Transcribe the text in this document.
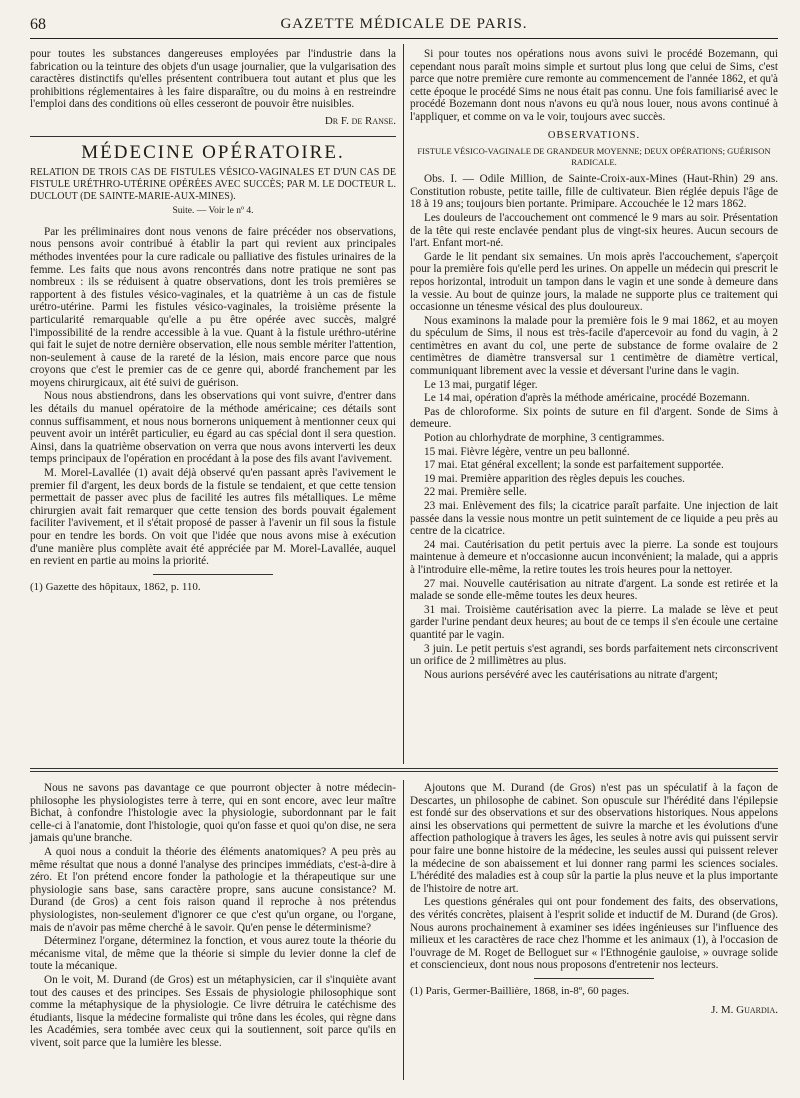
68	GAZETTE MÉDICALE DE PARIS.

pour toutes les substances dangereuses employées par l'industrie dans la fabrication ou la teinture des objets d'un usage journalier, que la vulgarisation des caractères distinctifs qu'elles présentent contribuera tout autant et plus que les prohibitions réglementaires à les faire disparaître, ou du moins à en restreindre l'emploi dans des conditions où elles cesseront de pouvoir être nuisibles.

Dr F. de Ranse.
MÉDECINE OPÉRATOIRE.

RELATION DE TROIS CAS DE FISTULES VÉSICO-VAGINALES ET D'UN CAS DE FISTULE URÉTHRO-UTÉRINE OPÉRÉES AVEC SUCCÈS; PAR M. LE DOCTEUR L. DUCLOUT (DE SAINTE-MARIE-AUX-MINES).

Suite. — Voir le nº 4.

Par les préliminaires dont nous venons de faire précéder nos observations, nous pensons avoir contribué à établir la part qui revient aux principales méthodes inventées pour la cure radicale ou palliative des fistules urinaires de la femme. Les faits que nous avons rencontrés dans notre pratique ne sont pas nombreux : ils se réduisent à quatre observations, dont les trois premières se rapportent à des fistules vésico-vaginales, et la quatrième à un cas de fistule urétro-utérine. Parmi les fistules vésico-vaginales, la troisième présente la particularité remarquable qu'elle a pu être opérée avec succès, malgré l'impossibilité de la rendre accessible à la vue. Quant à la fistule uréthro-utérine qui fait le sujet de notre dernière observation, elle nous semble mériter l'attention, non-seulement à cause de la rareté de la lésion, mais encore parce que nous croyons que c'est le premier cas de ce genre qui, abordé franchement par les moyens chirurgicaux, ait été suivi de guérison.

Nous nous abstiendrons, dans les observations qui vont suivre, d'entrer dans les détails du manuel opératoire de la méthode américaine; ces détails sont connus suffisamment, et nous nous bornerons uniquement à mentionner ceux qui peuvent avoir un intérêt particulier, eu égard au cas spécial dont il sera question. Ainsi, dans la quatrième observation on verra que nous avons interverti les deux temps principaux de l'opération en procédant à la pose des fils avant l'avivement.

M. Morel-Lavallée (1) avait déjà observé qu'en passant après l'avivement le premier fil d'argent, les deux bords de la fistule se tendaient, et que cette tension permettait de passer avec plus de facilité les autres fils métalliques. Le même chirurgien avait fait remarquer que cette tension des bords pouvait également faciliter l'avivement, et il s'était proposé de passer à l'avenir un fil sous la fistule pour en tendre les bords. On voit que l'idée que nous avons mise à exécution d'une manière plus complète avait été appréciée par M. Morel-Lavallée, auquel en revient en partie au moins la priorité.

(1) Gazette des hôpitaux, 1862, p. 110.

Si pour toutes nos opérations nous avons suivi le procédé Bozemann, qui cependant nous paraît moins simple et surtout plus long que celui de Sims, c'est parce que notre première cure remonte au commencement de l'année 1862, et qu'à cette époque le procédé Sims ne nous était pas connu. Une fois familiarisé avec le procédé Bozemann dont nous n'avons eu qu'à nous louer, nous avons continué à l'appliquer, et comme on va le voir, toujours avec succès.

OBSERVATIONS.
FISTULE VÉSICO-VAGINALE DE GRANDEUR MOYENNE; DEUX OPÉRATIONS; GUÉRISON RADICALE.

Obs. I. — Odile Million, de Sainte-Croix-aux-Mines (Haut-Rhin) 29 ans. Constitution robuste, petite taille, fille de cultivateur. Bien réglée depuis l'âge de 18 à 19 ans; toujours bien portante. Primipare. Accouchée le 12 mars 1862.

Les douleurs de l'accouchement ont commencé le 9 mars au soir. Présentation de la tête qui reste enclavée pendant plus de vingt-six heures. Aucun secours de l'art. Enfant mort-né.

Garde le lit pendant six semaines. Un mois après l'accouchement, s'aperçoit pour la première fois qu'elle perd les urines. On appelle un médecin qui prescrit le repos horizontal, introduit un tampon dans le vagin et une sonde à demeure dans la vessie. Au bout de quinze jours, la malade ne supporte plus ce traitement qui occasionne un ténesme vésical des plus douloureux.

Nous examinons la malade pour la première fois le 9 mai 1862, et au moyen du spéculum de Sims, il nous est très-facile d'apercevoir au fond du vagin, à 2 centimètres en avant du col, une perte de substance de forme ovalaire de 2 centimètres de diamètre transversal sur 1 centimètre de diamètre vertical, communiquant librement avec la vessie et déversant l'urine dans le vagin.

Le 13 mai, purgatif léger.

Le 14 mai, opération d'après la méthode américaine, procédé Bozemann.

Pas de chloroforme. Six points de suture en fil d'argent. Sonde de Sims à demeure.

Potion au chlorhydrate de morphine, 3 centigrammes.

15 mai. Fièvre légère, ventre un peu ballonné.

17 mai. Etat général excellent; la sonde est parfaitement supportée.

19 mai. Première apparition des règles depuis les couches.

22 mai. Première selle.

23 mai. Enlèvement des fils; la cicatrice paraît parfaite. Une injection de lait passée dans la vessie nous montre un petit suintement de ce liquide a peu près au centre de la cicatrice.

24 mai. Cautérisation du petit pertuis avec la pierre. La sonde est toujours maintenue à demeure et n'occasionne aucun inconvénient; la malade, qui a appris à l'introduire elle-même, la retire toutes les trois heures pour la nettoyer.

27 mai. Nouvelle cautérisation au nitrate d'argent. La sonde est retirée et la malade se sonde elle-même toutes les deux heures.

31 mai. Troisième cautérisation avec la pierre. La malade se lève et peut garder l'urine pendant deux heures; au bout de ce temps il s'en écoule une certaine quantité par le vagin.

3 juin. Le petit pertuis s'est agrandi, ses bords parfaitement nets circonscrivent un orifice de 2 millimètres au plus.

Nous aurions persévéré avec les cautérisations au nitrate d'argent;

Nous ne savons pas davantage ce que pourront objecter à notre médecin-philosophe les physiologistes terre à terre, qui en sont encore, avec leur maître Bichat, à confondre l'histologie avec la physiologie, subordonnant par le fait celle-ci à l'anatomie, dont l'histologie, quoi qu'on fasse et quoi qu'on dise, ne sera jamais qu'une branche.

A quoi nous a conduit la théorie des éléments anatomiques? A peu près au même résultat que nous a donné l'analyse des principes immédiats, c'est-à-dire à zéro. Et l'on prétend encore fonder la pathologie et la thérapeutique sur une physiologie sans base, sans caractère propre, sans aucune consistance? M. Durand (de Gros) a cent fois raison quand il reproche à nos prétendus physiologistes, non-seulement d'ignorer ce que c'est qu'un organe, ou l'organe, mais de n'avoir pas même cherché à le savoir. Qu'en pense le déterminisme?

Déterminez l'organe, déterminez la fonction, et vous aurez toute la théorie du mécanisme vital, de même que la théorie si simple du levier donne la clef de toute la mécanique.

On le voit, M. Durand (de Gros) est un métaphysicien, car il s'inquiète avant tout des causes et des principes. Ses Essais de physiologie philosophique sont comme la métaphysique de la physiologie. Ce livre détruira le catéchisme des étudiants, lisque la médecine formaliste qui trône dans les écoles, qui règne dans les Académies, sera tombée avec ceux qui la soutiennent, soit parce qu'ils en vivent, soit parce que la lumière les blesse.

Ajoutons que M. Durand (de Gros) n'est pas un spéculatif à la façon de Descartes, un philosophe de cabinet. Son opuscule sur l'hérédité dans l'épilepsie est fondé sur des observations et sur des observations historiques. Nous appelons ainsi les observations qui permettent de suivre la marche et les évolutions d'une affection pathologique à travers les âges, les seules à notre avis qui puissent servir pour faire une bonne histoire de la médecine, les seules aussi qui puissent relever la médecine de son abaissement et lui donner rang parmi les sciences sociales. L'hérédité des maladies est à coup sûr la partie la plus neuve et la plus importante de l'histoire de notre art.

Les questions générales qui ont pour fondement des faits, des observations, des vérités concrètes, plaisent à l'esprit solide et inductif de M. Durand (de Gros). Nous aurons prochainement à examiner ses idées ingénieuses sur l'influence des milieux et les caractères de race chez l'homme et les animaux (1), à l'occasion de l'ouvrage de M. Roget de Belloguet sur « l'Ethnogénie gauloise, » ouvrage solide et consciencieux, dont nous nous proposons d'entretenir nos lecteurs.

(1) Paris, Germer-Baillière, 1868, in-8º, 60 pages.

J. M. Guardia.
